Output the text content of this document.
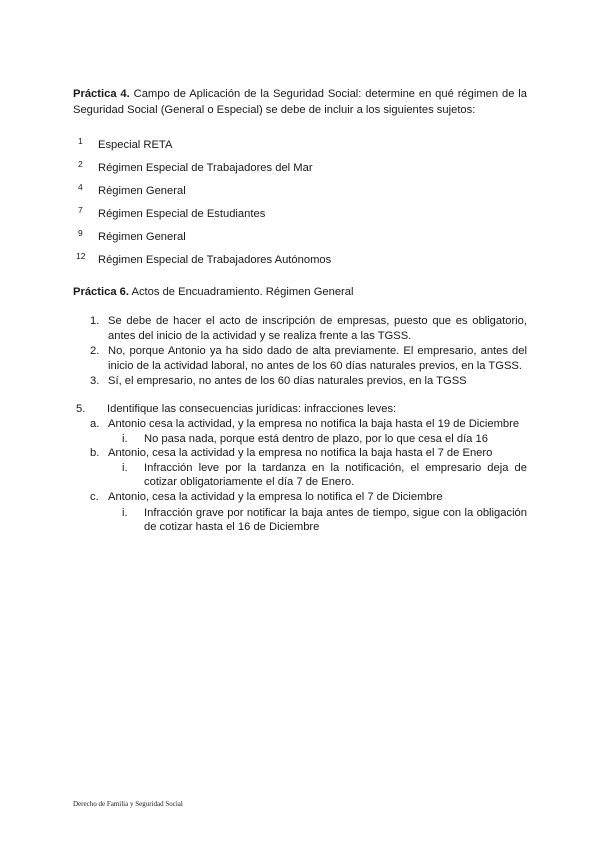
Práctica 4. Campo de Aplicación de la Seguridad Social: determine en qué régimen de la Seguridad Social (General o Especial) se debe de incluir a los siguientes sujetos:
1 Especial RETA
2 Régimen Especial de Trabajadores del Mar
4 Régimen General
7 Régimen Especial de Estudiantes
9 Régimen General
12 Régimen Especial de Trabajadores Autónomos
Práctica 6. Actos de Encuadramiento. Régimen General
1. Se debe de hacer el acto de inscripción de empresas, puesto que es obligatorio, antes del inicio de la actividad y se realiza frente a las TGSS.
2. No, porque Antonio ya ha sido dado de alta previamente. El empresario, antes del inicio de la actividad laboral, no antes de los 60 días naturales previos, en la TGSS.
3. Sí, el empresario, no antes de los 60 días naturales previos, en la TGSS
5. Identifique las consecuencias jurídicas: infracciones leves:
a. Antonio cesa la actividad, y la empresa no notifica la baja hasta el 19 de Diciembre
i. No pasa nada, porque está dentro de plazo, por lo que cesa el día 16
b. Antonio, cesa la actividad y la empresa no notifica la baja hasta el 7 de Enero
i. Infracción leve por la tardanza en la notificación, el empresario deja de cotizar obligatoriamente el día 7 de Enero.
c. Antonio, cesa la actividad y la empresa lo notifica el 7 de Diciembre
i. Infracción grave por notificar la baja antes de tiempo, sigue con la obligación de cotizar hasta el 16 de Diciembre
Derecho de Familia y Seguridad Social
